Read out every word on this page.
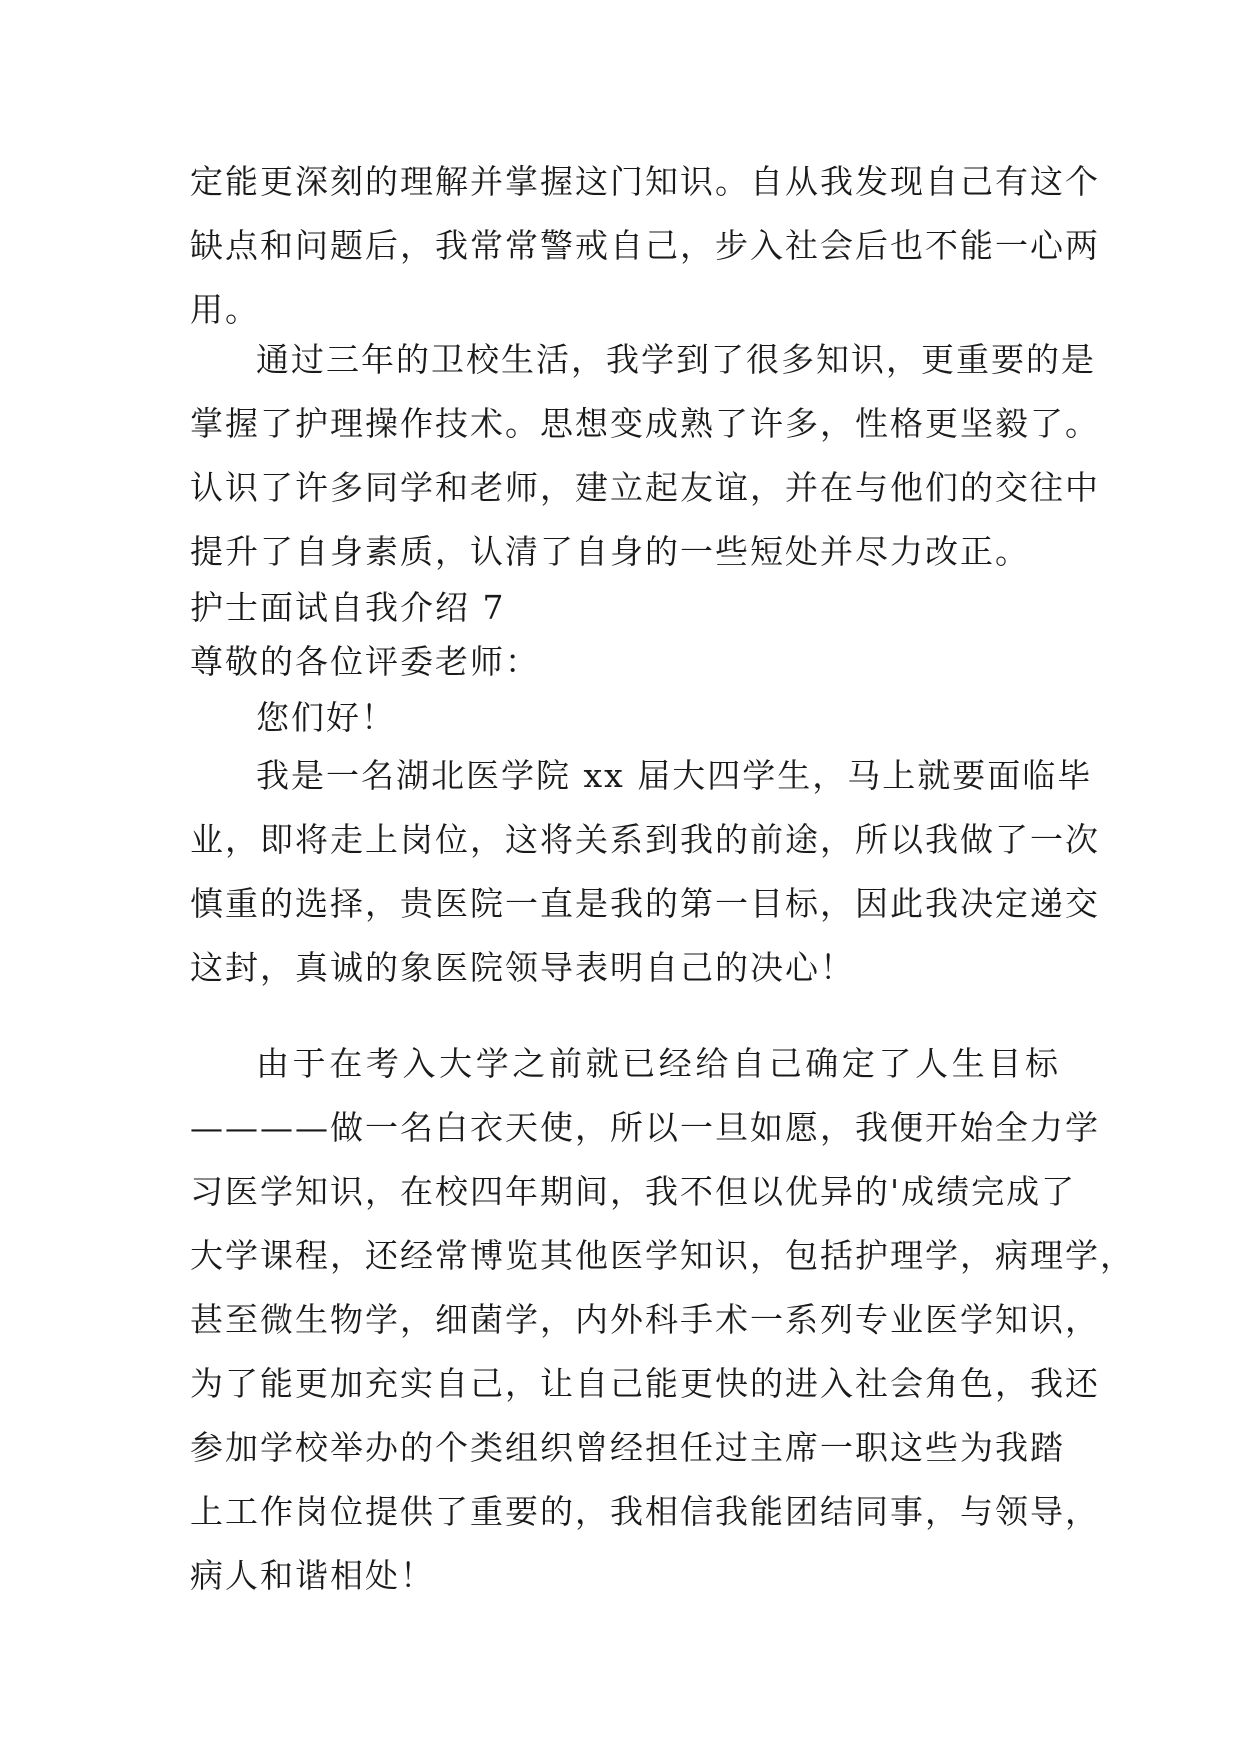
定能更深刻的理解并掌握这门知识。自从我发现自己有这个
缺点和问题后，我常常警戒自己，步入社会后也不能一心两
用。
通过三年的卫校生活，我学到了很多知识，更重要的是
掌握了护理操作技术。思想变成熟了许多，性格更坚毅了。
认识了许多同学和老师，建立起友谊，并在与他们的交往中
提升了自身素质，认清了自身的一些短处并尽力改正。
护士面试自我介绍 7
尊敬的各位评委老师：
您们好！
我是一名湖北医学院 xx 届大四学生，马上就要面临毕
业，即将走上岗位，这将关系到我的前途，所以我做了一次
慎重的选择，贵医院一直是我的第一目标，因此我决定递交
这封，真诚的象医院领导表明自己的决心！
由于在考入大学之前就已经给自己确定了人生目标
————做一名白衣天使，所以一旦如愿，我便开始全力学
习医学知识，在校四年期间，我不但以优异的'成绩完成了
大学课程，还经常博览其他医学知识，包括护理学，病理学，
甚至微生物学，细菌学，内外科手术一系列专业医学知识，
为了能更加充实自己，让自己能更快的进入社会角色，我还
参加学校举办的个类组织曾经担任过主席一职这些为我踏
上工作岗位提供了重要的，我相信我能团结同事，与领导，
病人和谐相处！
